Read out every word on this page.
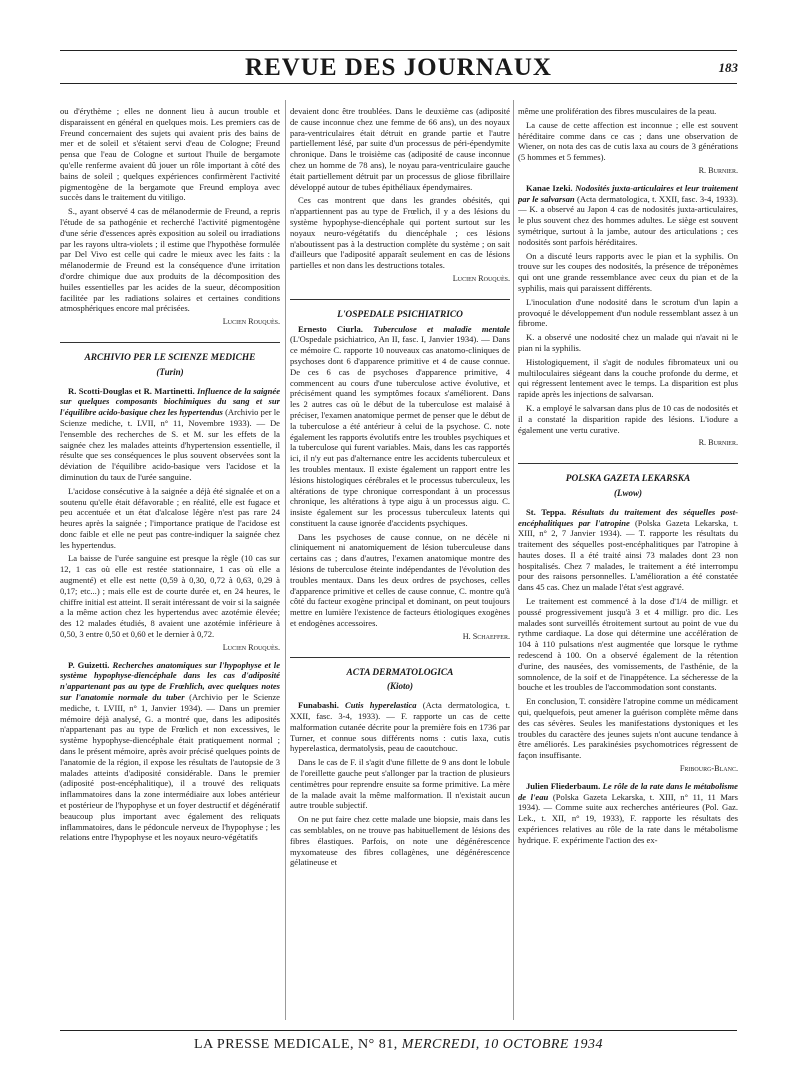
REVUE DES JOURNAUX	183

ou d'érythème ; elles ne donnent lieu à aucun trouble et disparaissent en général en quelques mois. Les premiers cas de Freund concernaient des sujets qui avaient pris des bains de mer et de soleil et s'étaient servi d'eau de Cologne; Freund pensa que l'eau de Cologne et surtout l'huile de bergamote qu'elle renferme avaient dû jouer un rôle important à côté des bains de soleil ; quelques expériences confirmèrent l'activité pigmentogène de la bergamote que Freund employa avec succès dans le traitement du vitiligo.

S., ayant observé 4 cas de mélanodermie de Freund, a repris l'étude de sa pathogénie et recherché l'activité pigmentogène d'une série d'essences après exposition au soleil ou irradiations par les rayons ultra-violets ; il estime que l'hypothèse formulée par Del Vivo est celle qui cadre le mieux avec les faits : la mélanodermie de Freund est la conséquence d'une irritation d'ordre chimique due aux produits de la décomposition des huiles essentielles par les acides de la sueur, décomposition facilitée par les radiations solaires et certaines conditions atmosphériques encore mal précisées.

Lucien Rouquès.
ARCHIVIO PER LE SCIENZE MEDICHE
(Turin)

R. Scotti-Douglas et R. Martinetti. Influence de la saignée sur quelques composants biochimiques du sang et sur l'équilibre acido-basique chez les hypertendus (Archivio per le Scienze mediche, t. LVII, n° 11, Novembre 1933). — De l'ensemble des recherches de S. et M. sur les effets de la saignée chez les malades atteints d'hypertension essentielle, il résulte que ses conséquences le plus souvent observées sont la déviation de l'équilibre acido-basique vers l'acidose et la diminution du taux de l'urée sanguine.

L'acidose consécutive à la saignée a déjà été signalée et on a soutenu qu'elle était défavorable ; en réalité, elle est fugace et peu accentuée et un état d'alcalose légère n'est pas rare 24 heures après la saignée ; l'importance pratique de l'acidose est donc faible et elle ne peut pas contre-indiquer la saignée chez les hypertendus.

La baisse de l'urée sanguine est presque la règle (10 cas sur 12, 1 cas où elle est restée stationnaire, 1 cas où elle a augmenté) et elle est nette (0,59 à 0,30, 0,72 à 0,63, 0,29 à 0,17; etc...) ; mais elle est de courte durée et, en 24 heures, le chiffre initial est atteint. Il serait intéressant de voir si la saignée a la même action chez les hypertendus avec azotémie élevée; des 12 malades étudiés, 8 avaient une azotémie inférieure à 0,50, 3 entre 0,50 et 0,60 et le dernier à 0,72.

Lucien Rouquès.

P. Guizetti. Recherches anatomiques sur l'hypophyse et le système hypophyse-diencéphale dans les cas d'adiposité n'appartenant pas au type de Frœhlich, avec quelques notes sur l'anatomie normale du tuber (Archivio per le Scienze mediche, t. LVIII, n° 1, Janvier 1934). — Dans un premier mémoire déjà analysé, G. a montré que, dans les adiposités n'appartenant pas au type de Frœlich et non excessives, le système hypophyse-diencéphale était pratiquement normal ; dans le présent mémoire, après avoir précisé quelques points de l'anatomie de la région, il expose les résultats de l'autopsie de 3 malades atteints d'adiposité considérable. Dans le premier (adiposité post-encéphalitique), il a trouvé des reliquats inflammatoires dans la zone intermédiaire aux lobes antérieur et postérieur de l'hypophyse et un foyer destructif et dégénératif beaucoup plus important avec également des reliquats inflammatoires, dans le pédoncule nerveux de l'hypophyse ; les relations entre l'hypophyse et les noyaux neuro-végétatifs

devaient donc être troublées. Dans le deuxième cas (adiposité de cause inconnue chez une femme de 66 ans), un des noyaux para-ventriculaires était détruit en grande partie et l'autre partiellement lésé, par suite d'un processus de péri-épendymite chronique. Dans le troisième cas (adiposité de cause inconnue chez un homme de 78 ans), le noyau para-ventriculaire gauche était partiellement détruit par un processus de gliose fibrillaire développé autour de tubes épithéliaux épendymaires.

Ces cas montrent que dans les grandes obésités, qui n'appartiennent pas au type de Frœlich, il y a des lésions du système hypophyse-diencéphale qui portent surtout sur les noyaux neuro-végétatifs du diencéphale ; ces lésions n'aboutissent pas à la destruction complète du système ; on sait d'ailleurs que l'adiposité apparaît seulement en cas de lésions partielles et non dans les destructions totales.

Lucien Rouquès.
L'OSPEDALE PSICHIATRICO

Ernesto Ciurla. Tuberculose et maladie mentale (L'Ospedale psichiatrico, An II, fasc. I, Janvier 1934). — Dans ce mémoire C. rapporte 10 nouveaux cas anatomo-cliniques de psychoses dont 6 d'apparence primitive et 4 de cause connue. De ces 6 cas de psychoses d'apparence primitive, 4 commencent au cours d'une tuberculose active évolutive, et précisément quand les symptômes focaux s'améliorent. Dans les 2 autres cas où le début de la tuberculose est malaisé à préciser, l'examen anatomique permet de penser que le début de la tuberculose a été antérieur à celui de la psychose. C. note également les rapports évolutifs entre les troubles psychiques et la tuberculose qui furent variables. Mais, dans les cas rapportés ici, il n'y eut pas d'alternance entre les accidents tuberculeux et les troubles mentaux. Il existe également un rapport entre les lésions histologiques cérébrales et le processus tuberculeux, les altérations de type chronique correspondant à un processus chronique, les altérations à type aigu à un processus aigu. C. insiste également sur les processus tuberculeux latents qui constituent la cause ignorée d'accidents psychiques.

Dans les psychoses de cause connue, on ne décèle ni cliniquement ni anatomiquement de lésion tuberculeuse dans certains cas ; dans d'autres, l'examen anatomique montre des lésions de tuberculose éteinte indépendantes de l'évolution des troubles mentaux. Dans les deux ordres de psychoses, celles d'apparence primitive et celles de cause connue, C. montre qu'à côté du facteur exogène principal et dominant, on peut toujours mettre en lumière l'existence de facteurs étiologiques exogènes et endogènes accessoires.

H. Schaeffer.
ACTA DERMATOLOGICA
(Kioto)

Funabashi. Cutis hyperelastica (Acta dermatologica, t. XXII, fasc. 3-4, 1933). — F. rapporte un cas de cette malformation cutanée décrite pour la première fois en 1736 par Turner, et connue sous différents noms : cutis laxa, cutis hyperelastica, dermatolysis, peau de caoutchouc.

Dans le cas de F. il s'agit d'une fillette de 9 ans dont le lobule de l'oreillette gauche peut s'allonger par la traction de plusieurs centimètres pour reprendre ensuite sa forme primitive. La mère de la malade avait la même malformation. Il n'existait aucun autre trouble subjectif.

On ne put faire chez cette malade une biopsie, mais dans les cas semblables, on ne trouve pas habituellement de lésions des fibres élastiques. Parfois, on note une dégénérescence myxomateuse des fibres collagènes, une dégénérescence gélatineuse et

même une prolifération des fibres musculaires de la peau.

La cause de cette affection est inconnue ; elle est souvent héréditaire comme dans ce cas ; dans une observation de Wiener, on nota des cas de cutis laxa au cours de 3 générations (5 hommes et 5 femmes).

R. Burnier.

Kanae Izeki. Nodosités juxta-articulaires et leur traitement par le salvarsan (Acta dermatologica, t. XXII, fasc. 3-4, 1933). — K. a observé au Japon 4 cas de nodosités juxta-articulaires, le plus souvent chez des hommes adultes. Le siège est souvent symétrique, surtout à la jambe, autour des articulations ; ces nodosités sont parfois héréditaires.

On a discuté leurs rapports avec le pian et la syphilis. On trouve sur les coupes des nodosités, la présence de tréponèmes qui ont une grande ressemblance avec ceux du pian et de la syphilis, mais qui paraissent différents.

L'inoculation d'une nodosité dans le scrotum d'un lapin a provoqué le développement d'un nodule ressemblant assez à un fibrome.

K. a observé une nodosité chez un malade qui n'avait ni le pian ni la syphilis.

Histologiquement, il s'agit de nodules fibromateux uni ou multiloculaires siégeant dans la couche profonde du derme, et qui régressent lentement avec le temps. La disparition est plus rapide après les injections de salvarsan.

K. a employé le salvarsan dans plus de 10 cas de nodosités et il a constaté la disparition rapide des lésions. L'iodure a également une vertu curative.

R. Burnier.
POLSKA GAZETA LEKARSKA
(Lwow)

St. Teppa. Résultats du traitement des séquelles post-encéphalitiques par l'atropine (Polska Gazeta Lekarska, t. XIII, n° 2, 7 Janvier 1934). — T. rapporte les résultats du traitement des séquelles post-encéphalitiques par l'atropine à hautes doses. Il a été traité ainsi 73 malades dont 23 non hospitalisés. Chez 7 malades, le traitement a été interrompu pour des raisons personnelles. L'amélioration a été constatée dans 45 cas. Chez un malade l'état s'est aggravé.

Le traitement est commencé à la dose d'1/4 de milligr. et poussé progressivement jusqu'à 3 et 4 milligr. pro dic. Les malades sont surveillés étroitement surtout au point de vue du rythme cardiaque. La dose qui détermine une accélération de 104 à 110 pulsations n'est augmentée que lorsque le rythme redescend à 100. On a observé également de la rétention d'urine, des nausées, des vomissements, de l'asthénie, de la somnolence, de la soif et de l'inappétence. La sécheresse de la bouche et les troubles de l'accommodation sont constants.

En conclusion, T. considère l'atropine comme un médicament qui, quelquefois, peut amener la guérison complète même dans des cas sévères. Seules les manifestations dystoniques et les troubles du caractère des jeunes sujets n'ont aucune tendance à être améliorés. Les parakinésies psychomotrices régressent de façon insuffisante.

Fribourg-Blanc.

Julien Fliederbaum. Le rôle de la rate dans le métabolisme de l'eau (Polska Gazeta Lekarska, t. XIII, n° 11, 11 Mars 1934). — Comme suite aux recherches antérieures (Pol. Gaz. Lek., t. XII, n° 19, 1933), F. rapporte les résultats des expériences relatives au rôle de la rate dans le métabolisme hydrique. F. expérimente l'action des ex-

LA PRESSE MEDICALE, N° 81, MERCREDI, 10 OCTOBRE 1934
